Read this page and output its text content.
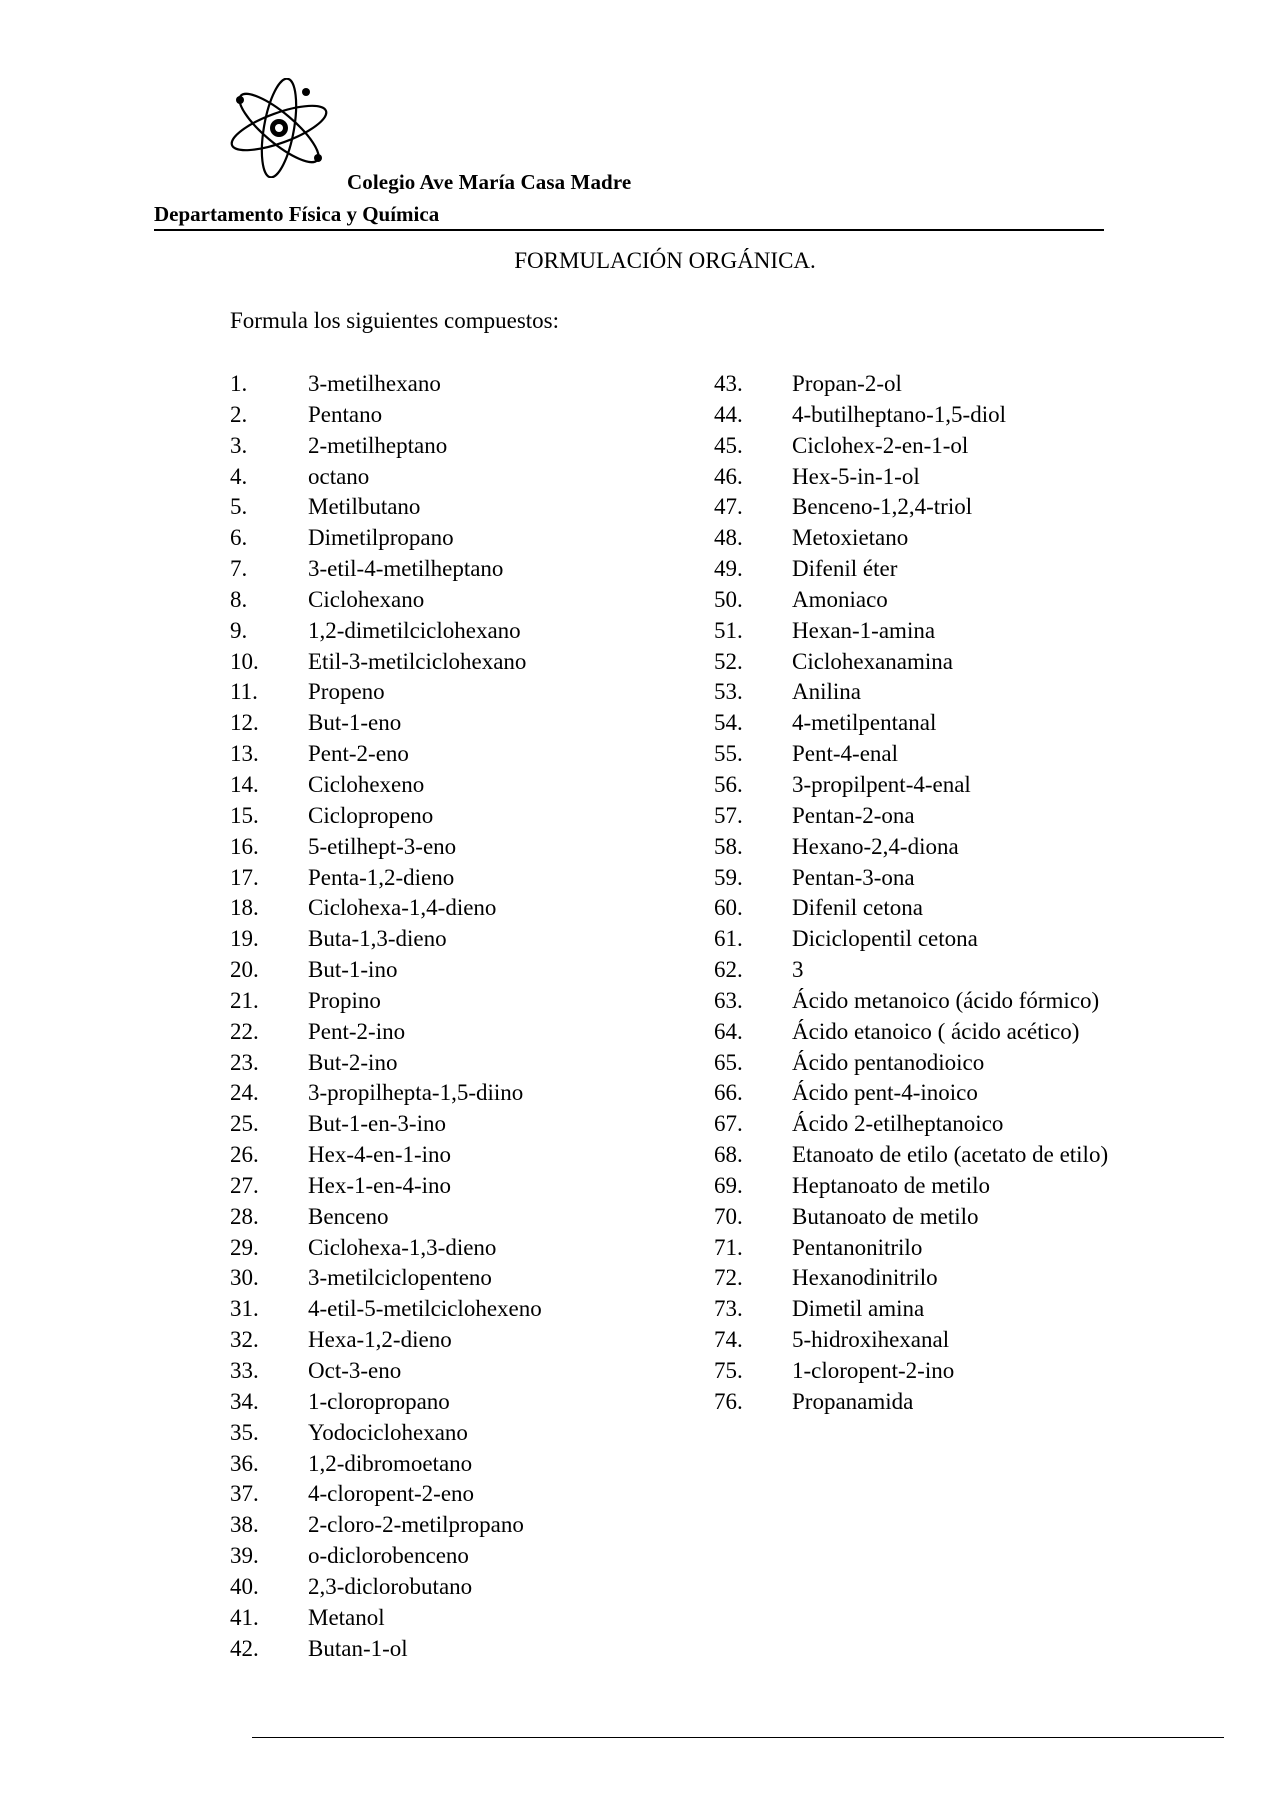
Colegio Ave María Casa Madre
Departamento Física y Química
FORMULACIÓN ORGÁNICA.
Formula los siguientes compuestos:
1.	3-metilhexano
2.	Pentano
3.	2-metilheptano
4.	octano
5.	Metilbutano
6.	Dimetilpropano
7.	3-etil-4-metilheptano
8.	Ciclohexano
9.	1,2-dimetilciclohexano
10. Etil-3-metilciclohexano
11. Propeno
12. But-1-eno
13. Pent-2-eno
14. Ciclohexeno
15. Ciclopropeno
16. 5-etilhept-3-eno
17. Penta-1,2-dieno
18. Ciclohexa-1,4-dieno
19. Buta-1,3-dieno
20. But-1-ino
21. Propino
22. Pent-2-ino
23. But-2-ino
24. 3-propilhepta-1,5-diino
25. But-1-en-3-ino
26. Hex-4-en-1-ino
27. Hex-1-en-4-ino
28. Benceno
29. Ciclohexa-1,3-dieno
30. 3-metilciclopenteno
31. 4-etil-5-metilciclohexeno
32. Hexa-1,2-dieno
33. Oct-3-eno
34. 1-cloropropano
35. Yodociclohexano
36. 1,2-dibromoetano
37. 4-cloropent-2-eno
38. 2-cloro-2-metilpropano
39. o-diclorobenceno
40. 2,3-diclorobutano
41. Metanol
42. Butan-1-ol
43. Propan-2-ol
44. 4-butilheptano-1,5-diol
45. Ciclohex-2-en-1-ol
46. Hex-5-in-1-ol
47. Benceno-1,2,4-triol
48. Metoxietano
49. Difenil éter
50. Amoniaco
51. Hexan-1-amina
52. Ciclohexanamina
53. Anilina
54. 4-metilpentanal
55. Pent-4-enal
56. 3-propilpent-4-enal
57. Pentan-2-ona
58. Hexano-2,4-diona
59. Pentan-3-ona
60. Difenil cetona
61. Diciclopentil cetona
62. 3
63. Ácido metanoico (ácido fórmico)
64. Ácido etanoico ( ácido acético)
65. Ácido pentanodioico
66. Ácido pent-4-inoico
67. Ácido 2-etilheptanoico
68. Etanoato de etilo (acetato de etilo)
69. Heptanoato de metilo
70. Butanoato de metilo
71. Pentanonitrilo
72. Hexanodinitrilo
73. Dimetil amina
74. 5-hidroxihexanal
75. 1-cloropent-2-ino
76. Propanamida
